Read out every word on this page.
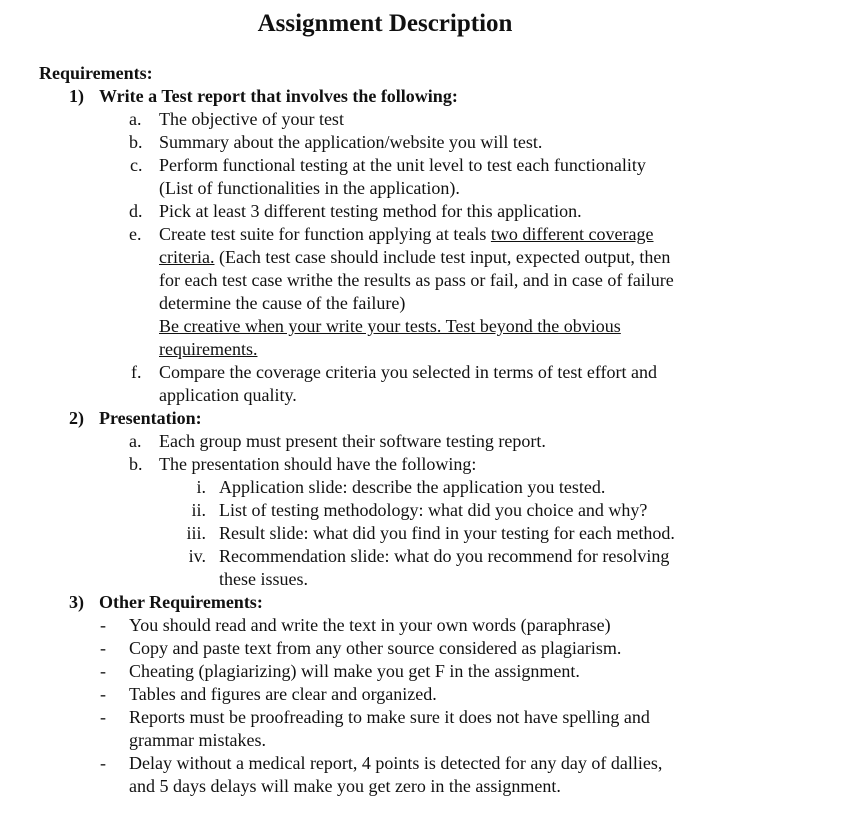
Assignment Description
Requirements:
1) Write a Test report that involves the following:
a. The objective of your test
b. Summary about the application/website you will test.
c. Perform functional testing at the unit level to test each functionality
(List of functionalities in the application).
d. Pick at least 3 different testing method for this application.
e. Create test suite for function applying at teals two different coverage
criteria. (Each test case should include test input, expected output, then
for each test case writhe the results as pass or fail, and in case of failure
determine the cause of the failure)
Be creative when your write your tests. Test beyond the obvious
requirements.
f. Compare the coverage criteria you selected in terms of test effort and
application quality.
2) Presentation:
a. Each group must present their software testing report.
b. The presentation should have the following:
i. Application slide: describe the application you tested.
ii. List of testing methodology: what did you choice and why?
iii. Result slide: what did you find in your testing for each method.
iv. Recommendation slide: what do you recommend for resolving
these issues.
3) Other Requirements:
- You should read and write the text in your own words (paraphrase)
- Copy and paste text from any other source considered as plagiarism.
- Cheating (plagiarizing) will make you get F in the assignment.
- Tables and figures are clear and organized.
- Reports must be proofreading to make sure it does not have spelling and
grammar mistakes.
- Delay without a medical report, 4 points is detected for any day of dallies,
and 5 days delays will make you get zero in the assignment.
